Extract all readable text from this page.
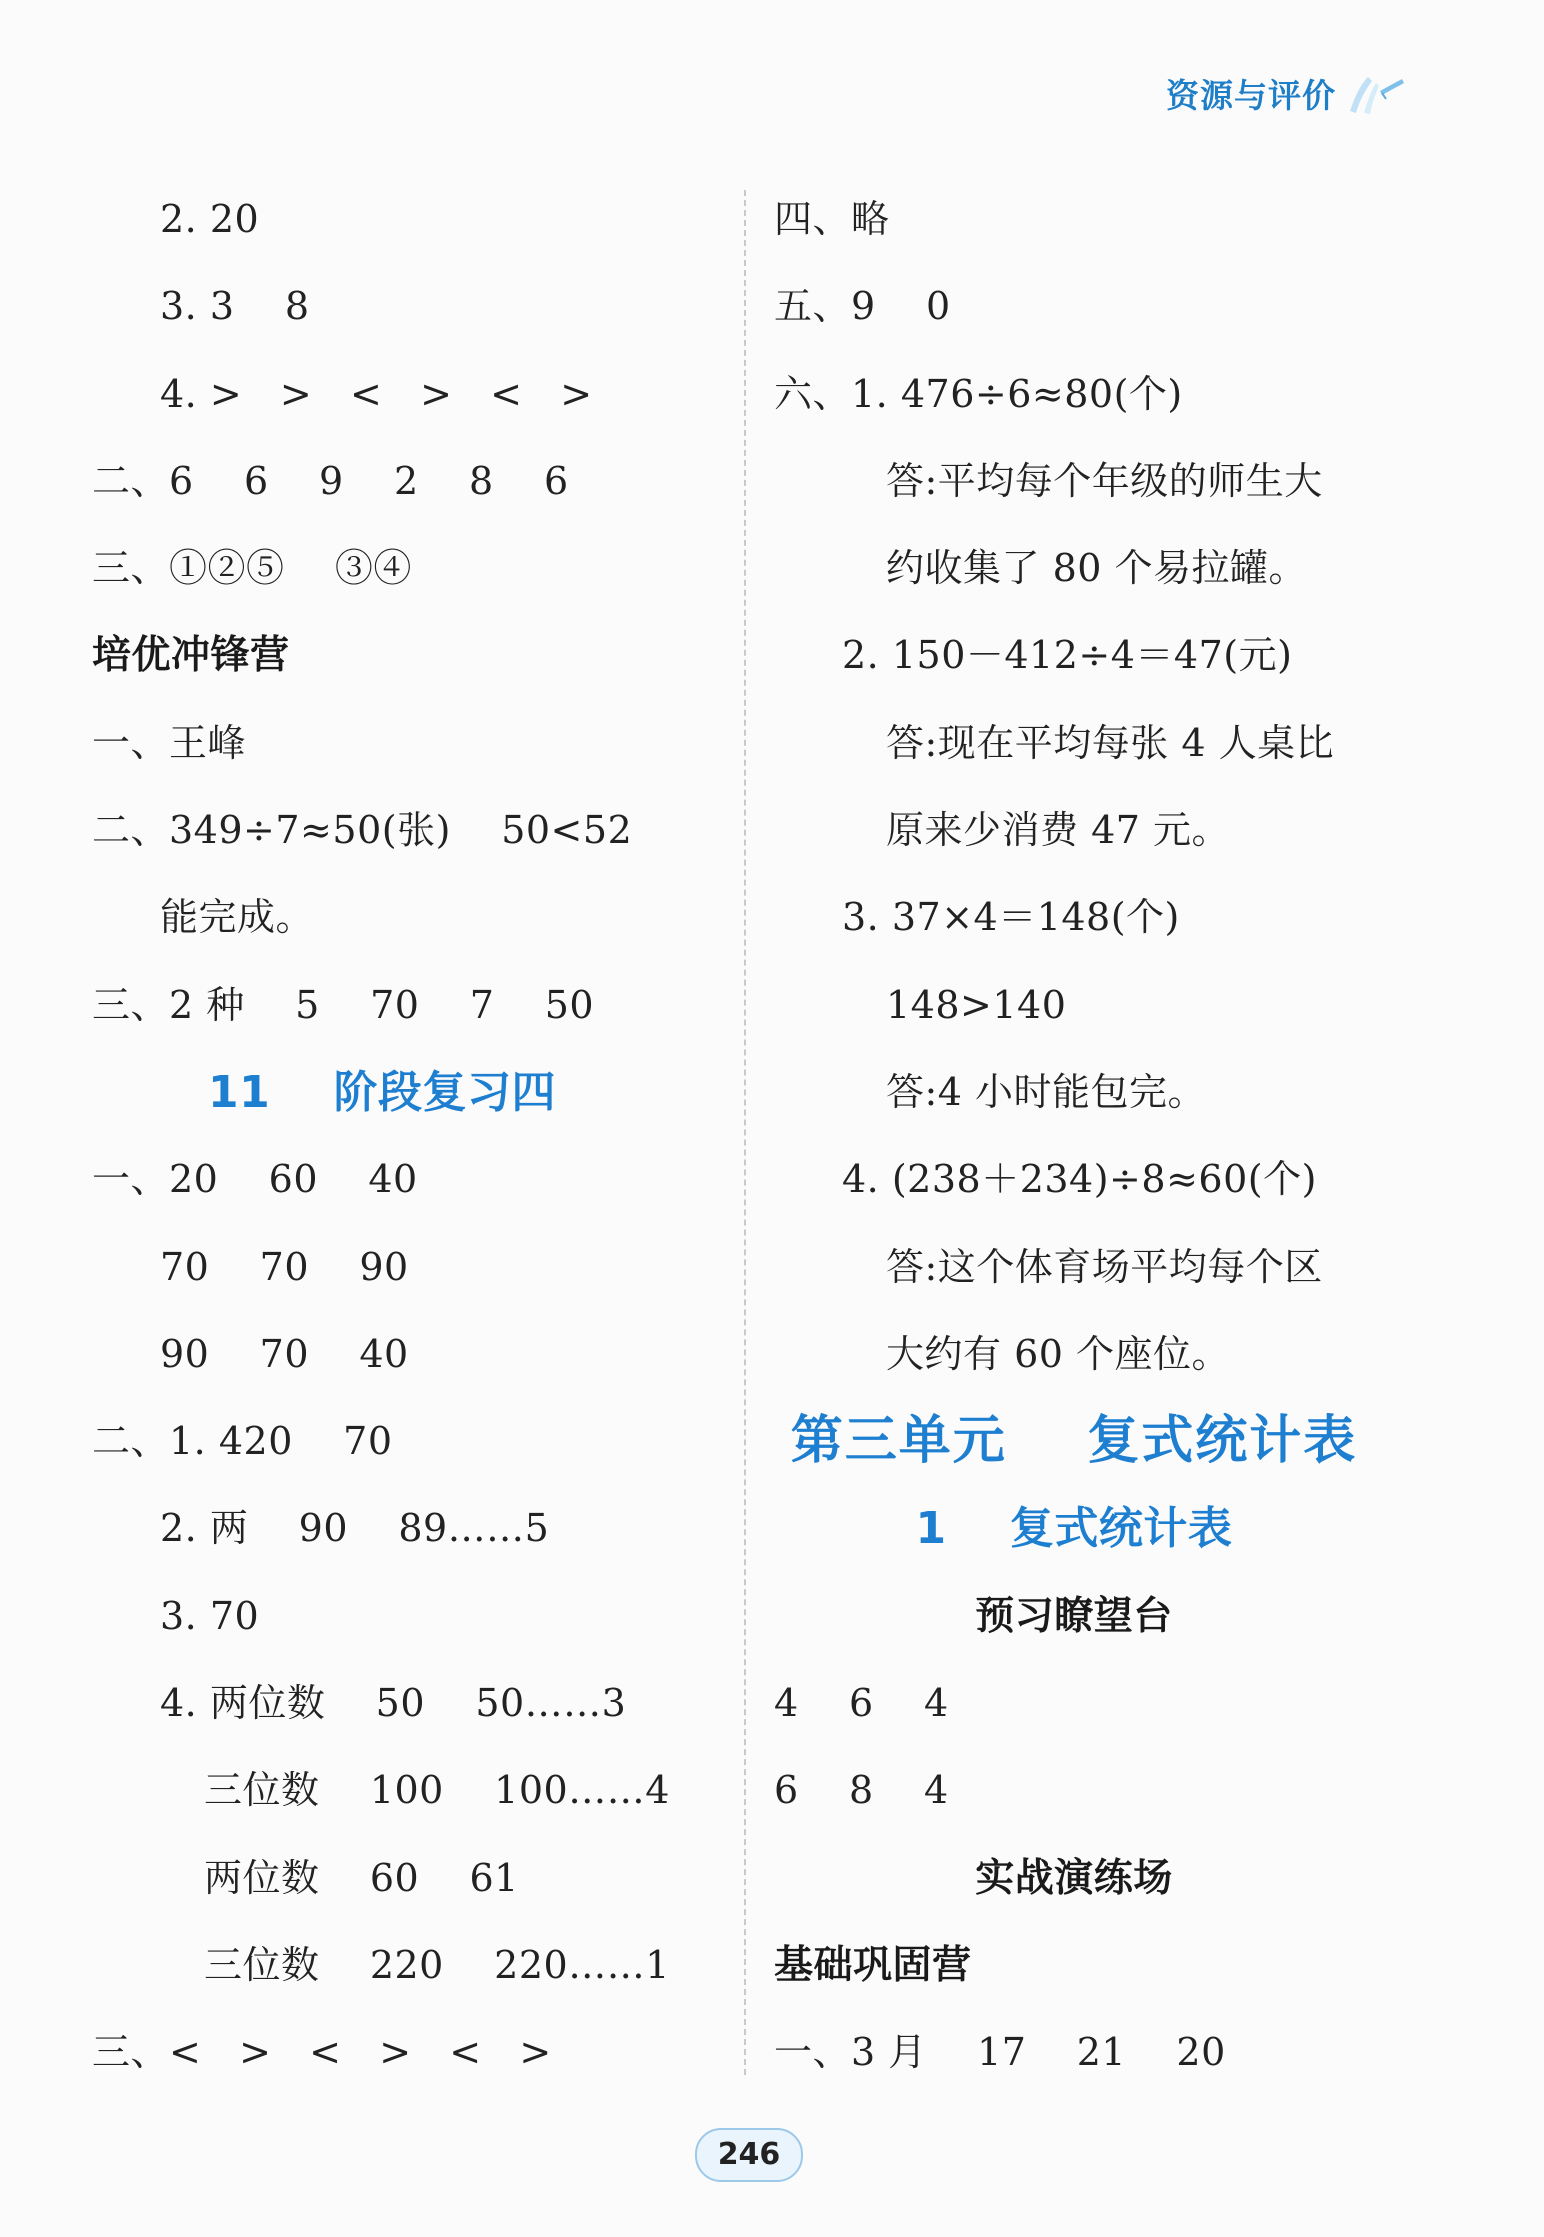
资源与评价
2. 20
3. 3    8
4. >   >   <   >   <   >
二、6    6    9    2    8    6
三、①②⑤    ③④
培优冲锋营
一、王峰
二、349÷7≈50(张)    50<52
能完成。
三、2 种    5    70    7    50
11    阶段复习四
一、20    60    40
70    70    90
90    70    40
二、1. 420    70
2. 两    90    89……5
3. 70
4. 两位数    50    50……3
三位数    100    100……4
两位数    60    61
三位数    220    220……1
三、<   >   <   >   <   >
四、略
五、9    0
六、1. 476÷6≈80(个)
答:平均每个年级的师生大
约收集了 80 个易拉罐。
2. 150－412÷4＝47(元)
答:现在平均每张 4 人桌比
原来少消费 47 元。
3. 37×4＝148(个)
148>140
答:4 小时能包完。
4. (238＋234)÷8≈60(个)
答:这个体育场平均每个区
大约有 60 个座位。
第三单元    复式统计表
1    复式统计表
预习瞭望台
4    6    4
6    8    4
实战演练场
基础巩固营
一、3 月    17    21    20
246
